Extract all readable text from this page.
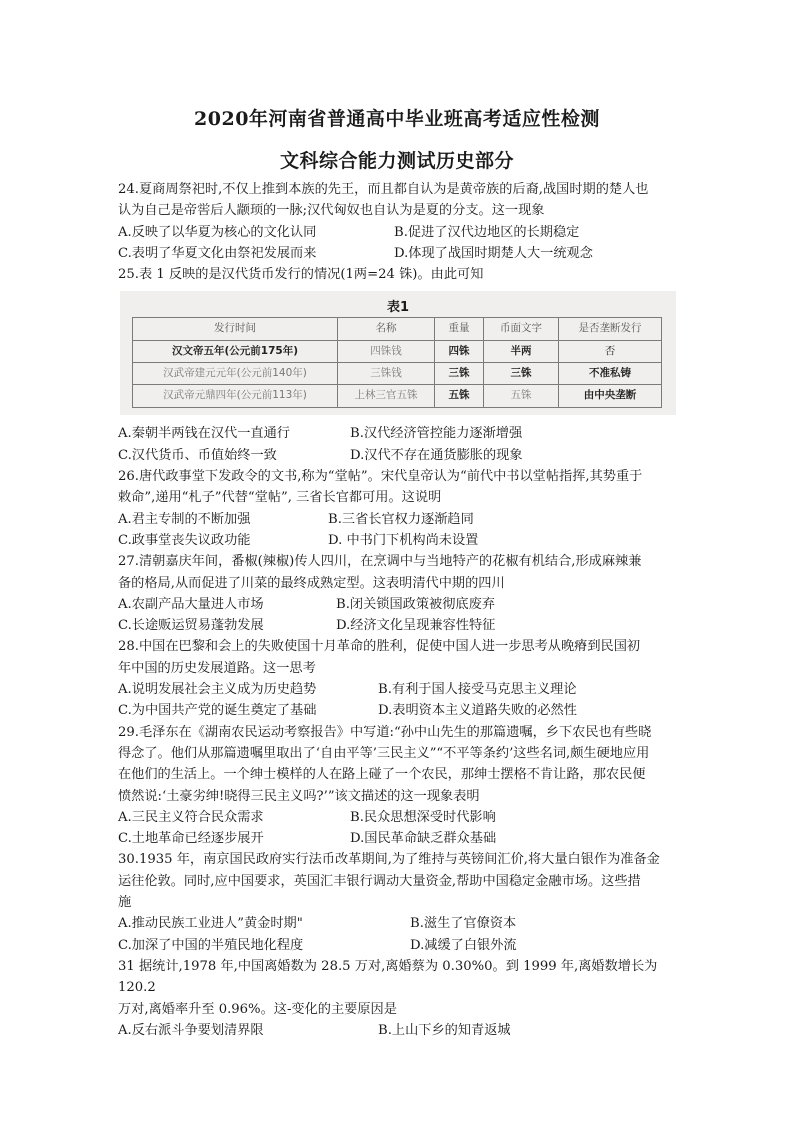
2020年河南省普通高中毕业班高考适应性检测
文科综合能力测试历史部分

24.夏商周祭祀时,不仅上推到本族的先王，而且都自认为是黄帝族的后裔,战国时期的楚人也

认为自己是帝喾后人颛顼的一脉;汉代匈奴也自认为是夏的分支。这一现象

A.反映了以华夏为核心的文化认同	B.促进了汉代边地区的长期稳定
C.表明了华夏文化由祭祀发展而来	D.体现了战国时期楚人大一统观念

25.表 1 反映的是汉代货币发行的情况(1两=24 铢)。由此可知

表1
发行时间	名称	重量	币面文字	是否垄断发行
汉文帝五年(公元前175年)	四铢钱	四铢	半两	否
汉武帝建元元年(公元前140年)	三铢钱	三铢	三铢	不准私铸
汉武帝元鼎四年(公元前113年)	上林三官五铢	五铢	五铢	由中央垄断
A.秦朝半两钱在汉代一直通行	B.汉代经济管控能力逐渐增强
C.汉代货币、币值始终一致	D.汉代不存在通货膨胀的现象

26.唐代政事堂下发政令的文书,称为“堂帖”。宋代皇帝认为“前代中书以堂帖指挥,其势重于

敕命”,递用“札子”代替“堂帖”, 三省长官都可用。这说明

A.君主专制的不断加强	B.三省长官权力逐渐趋同
C.政事堂丧失议政功能	D. 中书门下机构尚未设置

27.清朝嘉庆年间，番椒(辣椒)传人四川，在烹调中与当地特产的花椒有机结合,形成麻辣兼

备的格局,从而促进了川菜的最终成熟定型。这表明清代中期的四川

A.农副产品大量进人市场	B.闭关锁国政策被彻底废弃
C.长途贩运贸易蓬勃发展	D.经济文化呈现兼容性特征

28.中国在巴黎和会上的失败使国十月革命的胜利，促使中国人进一步思考从晚瘠到民国初

年中国的历史发展道路。这一思考

A.说明发展社会主义成为历史趋势	B.有利于国人接受马克思主义理论
C.为中国共产党的诞生奠定了基础	D.表明资本主义道路失败的必然性

29.毛泽东在《湖南农民运动考察报告》中写道:“孙中山先生的那篇遗嘱，乡下农民也有些晓

得念了。他们从那篇遗嘱里取出了‘自由平等’三民主义”“不平等条约’这些名词,颇生硬地应用

在他们的生活上。一个绅士模样的人在路上碰了一个农民，那绅士摆格不肯让路，那农民便

愤然说:‘土豪劣绅!晓得三民主义吗?’”该文描述的这一现象表明

A.三民主义符合民众需求	B.民众思想深受时代影响
C.土地革命已经逐步展开	D.国民革命缺乏群众基础

30.1935 年，南京国民政府实行法币改革期间,为了维持与英镑间汇价,将大量白银作为准备金

运往伦敦。同时,应中国要求，英国汇丰银行调动大量资金,帮助中国稳定金融市场。这些措

施

A.推动民族工业进人”黄金时期"	B.滋生了官僚资本
C.加深了中国的半殖民地化程度	D.减缓了白银外流

31 据统计,1978 年,中国离婚数为 28.5 万对,离婚蔡为 0.30%0。到 1999 年,离婚数增长为 120.2

万对,离婚率升至 0.96%。这-变化的主要原因是

A.反右派斗争要划清界限	B.上山下乡的知青返城
